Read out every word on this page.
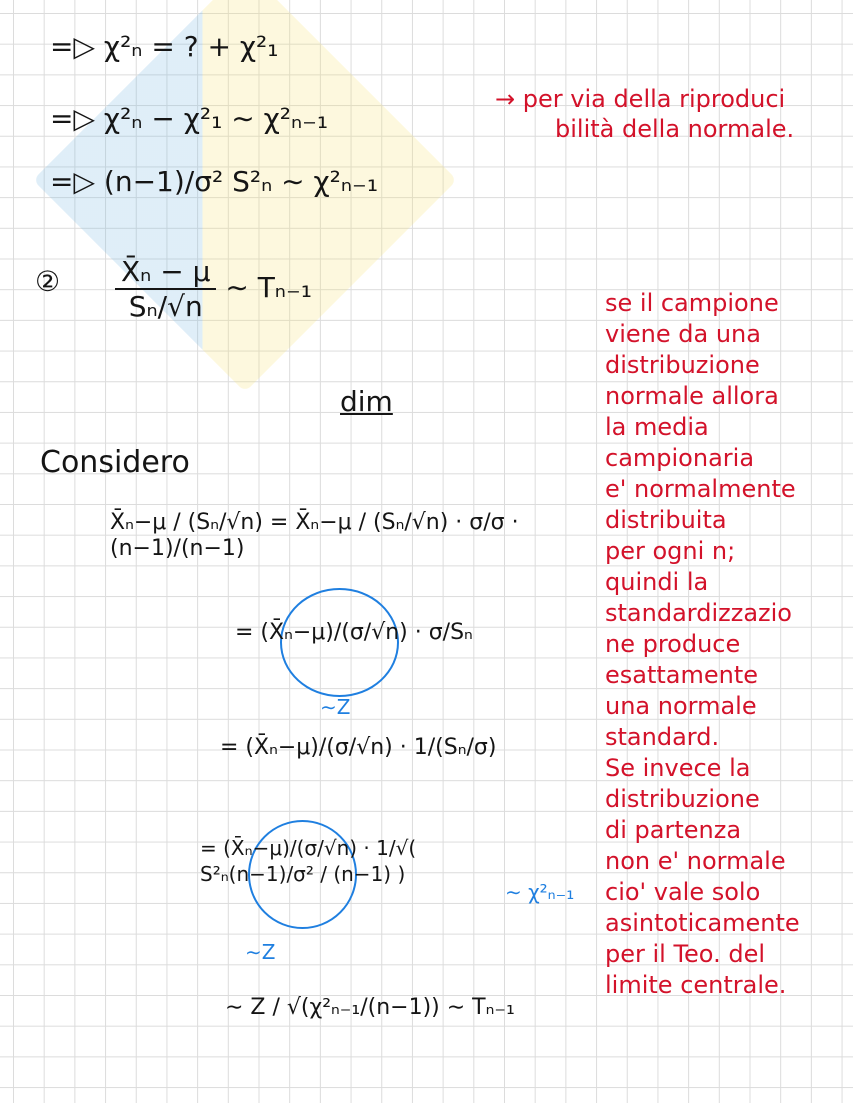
=▷ χ²ₙ = ? + χ²₁
=▷ χ²ₙ − χ²₁ ∼ χ²ₙ₋₁
=▷ (n−1)/σ² S²ₙ ∼ χ²ₙ₋₁
→ per via della riproduci
bilità della normale.
② $\frac{\text{X̄ₙ − μ}}{\text{Sₙ/√n}}$ ∼ Tₙ₋₁
dim
Considero
X̄ₙ−μ / (Sₙ/√n) = X̄ₙ−μ / (Sₙ/√n) · σ/σ · (n−1)/(n−1)
= (X̄ₙ−μ)/(σ/√n) · σ/Sₙ
∼Z
= (X̄ₙ−μ)/(σ/√n) · 1/(Sₙ/σ)
= (X̄ₙ−μ)/(σ/√n) · 1/√( S²ₙ(n−1)/σ² / (n−1) )
∼ χ²ₙ₋₁
∼Z
∼ Z / √(χ²ₙ₋₁/(n−1)) ∼ Tₙ₋₁
se il campione
viene da una
distribuzione
normale allora
la media
campionaria
e' normalmente
distribuita
per ogni n;
quindi la
standardizzazio
ne produce
esattamente
una normale
standard.
Se invece la
distribuzione
di partenza
non e' normale
cio' vale solo
asintoticamente
per il Teo. del
limite centrale.
